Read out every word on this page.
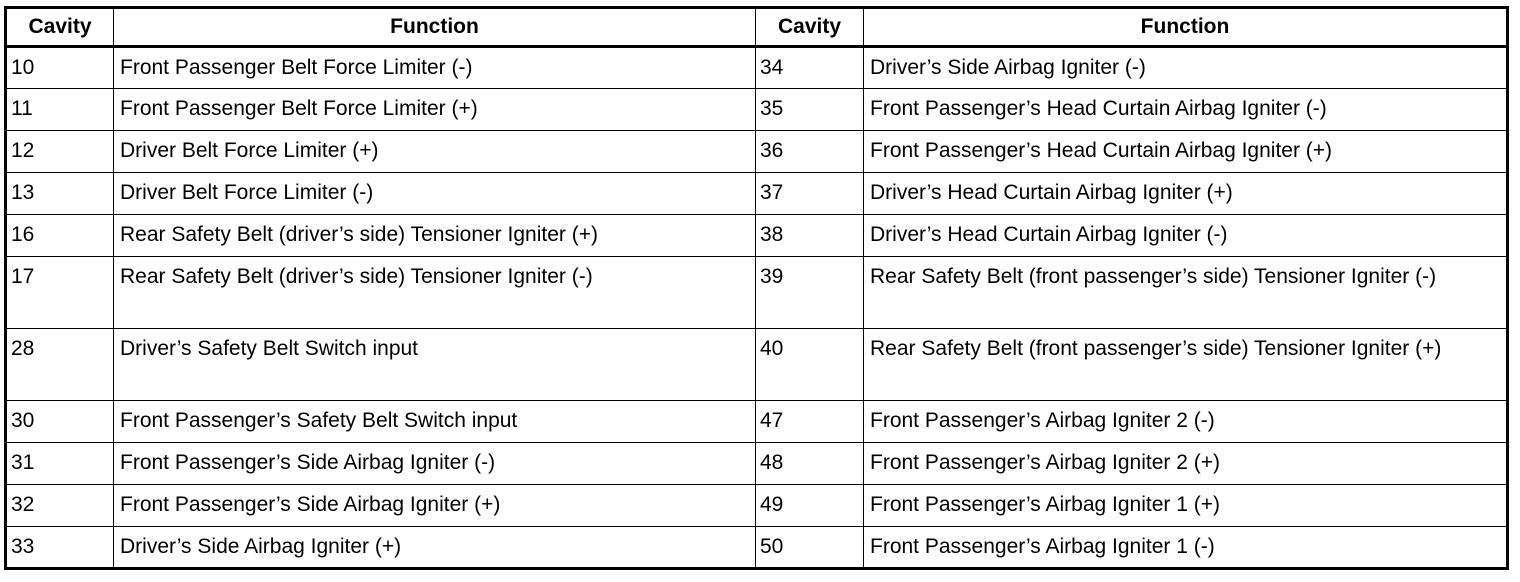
Cavity	Function	Cavity	Function
10	Front Passenger Belt Force Limiter (-)	34	Driver’s Side Airbag Igniter (-)
11	Front Passenger Belt Force Limiter (+)	35	Front Passenger’s Head Curtain Airbag Igniter (-)
12	Driver Belt Force Limiter (+)	36	Front Passenger’s Head Curtain Airbag Igniter (+)
13	Driver Belt Force Limiter (-)	37	Driver’s Head Curtain Airbag Igniter (+)
16	Rear Safety Belt (driver’s side) Tensioner Igniter (+)	38	Driver’s Head Curtain Airbag Igniter (-)
17	Rear Safety Belt (driver’s side) Tensioner Igniter (-)	39	Rear Safety Belt (front passenger’s side) Tensioner Igniter (-)
28	Driver’s Safety Belt Switch input	40	Rear Safety Belt (front passenger’s side) Tensioner Igniter (+)
30	Front Passenger’s Safety Belt Switch input	47	Front Passenger’s Airbag Igniter 2 (-)
31	Front Passenger’s Side Airbag Igniter (-)	48	Front Passenger’s Airbag Igniter 2 (+)
32	Front Passenger’s Side Airbag Igniter (+)	49	Front Passenger’s Airbag Igniter 1 (+)
33	Driver’s Side Airbag Igniter (+)	50	Front Passenger’s Airbag Igniter 1 (-)
